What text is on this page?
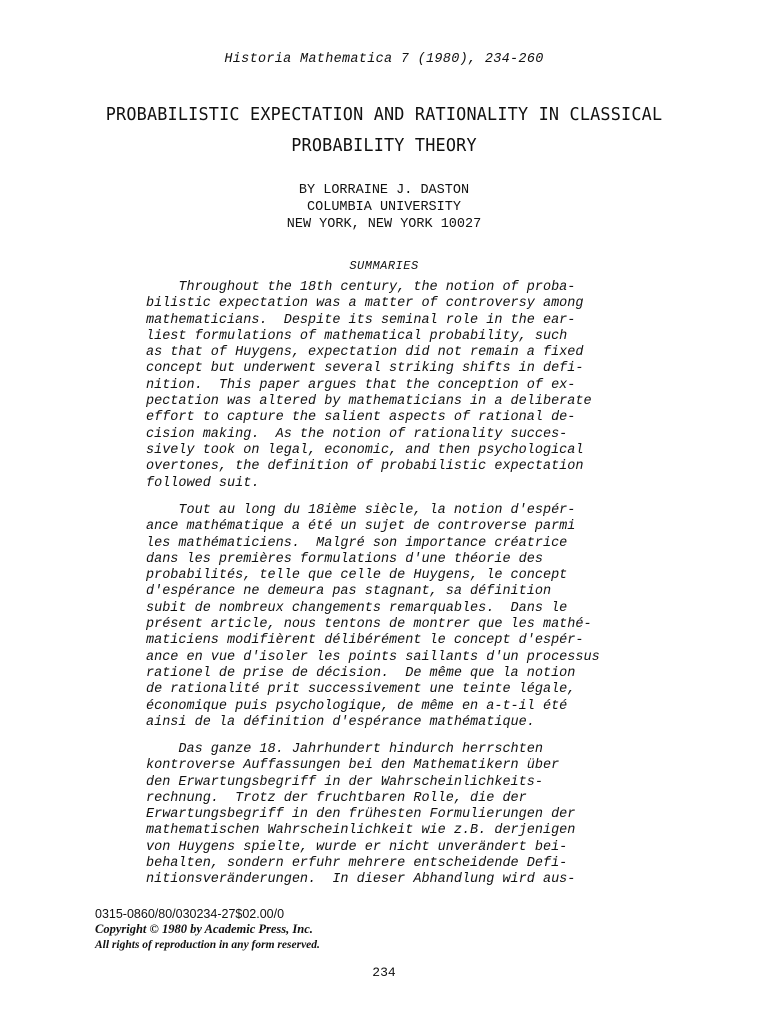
Historia Mathematica 7 (1980), 234-260
PROBABILISTIC EXPECTATION AND RATIONALITY IN CLASSICAL
PROBABILITY THEORY
BY LORRAINE J. DASTON
COLUMBIA UNIVERSITY
NEW YORK, NEW YORK 10027
SUMMARIES
Throughout the 18th century, the notion of proba-
bilistic expectation was a matter of controversy among
mathematicians.  Despite its seminal role in the ear-
liest formulations of mathematical probability, such
as that of Huygens, expectation did not remain a fixed
concept but underwent several striking shifts in defi-
nition.  This paper argues that the conception of ex-
pectation was altered by mathematicians in a deliberate
effort to capture the salient aspects of rational de-
cision making.  As the notion of rationality succes-
sively took on legal, economic, and then psychological
overtones, the definition of probabilistic expectation
followed suit.
Tout au long du 18ième siècle, la notion d'espér-
ance mathématique a été un sujet de controverse parmi
les mathématiciens.  Malgré son importance créatrice
dans les premières formulations d'une théorie des
probabilités, telle que celle de Huygens, le concept
d'espérance ne demeura pas stagnant, sa définition
subit de nombreux changements remarquables.  Dans le
présent article, nous tentons de montrer que les mathé-
maticiens modifièrent délibérément le concept d'espér-
ance en vue d'isoler les points saillants d'un processus
rationel de prise de décision.  De même que la notion
de rationalité prit successivement une teinte légale,
économique puis psychologique, de même en a-t-il été
ainsi de la définition d'espérance mathématique.
Das ganze 18. Jahrhundert hindurch herrschten
kontroverse Auffassungen bei den Mathematikern über
den Erwartungsbegriff in der Wahrscheinlichkeits-
rechnung.  Trotz der fruchtbaren Rolle, die der
Erwartungsbegriff in den frühesten Formulierungen der
mathematischen Wahrscheinlichkeit wie z.B. derjenigen
von Huygens spielte, wurde er nicht unverändert bei-
behalten, sondern erfuhr mehrere entscheidende Defi-
nitionsveränderungen.  In dieser Abhandlung wird aus-
0315-0860/80/030234-27$02.00/0
Copyright © 1980 by Academic Press, Inc.
All rights of reproduction in any form reserved.
234
